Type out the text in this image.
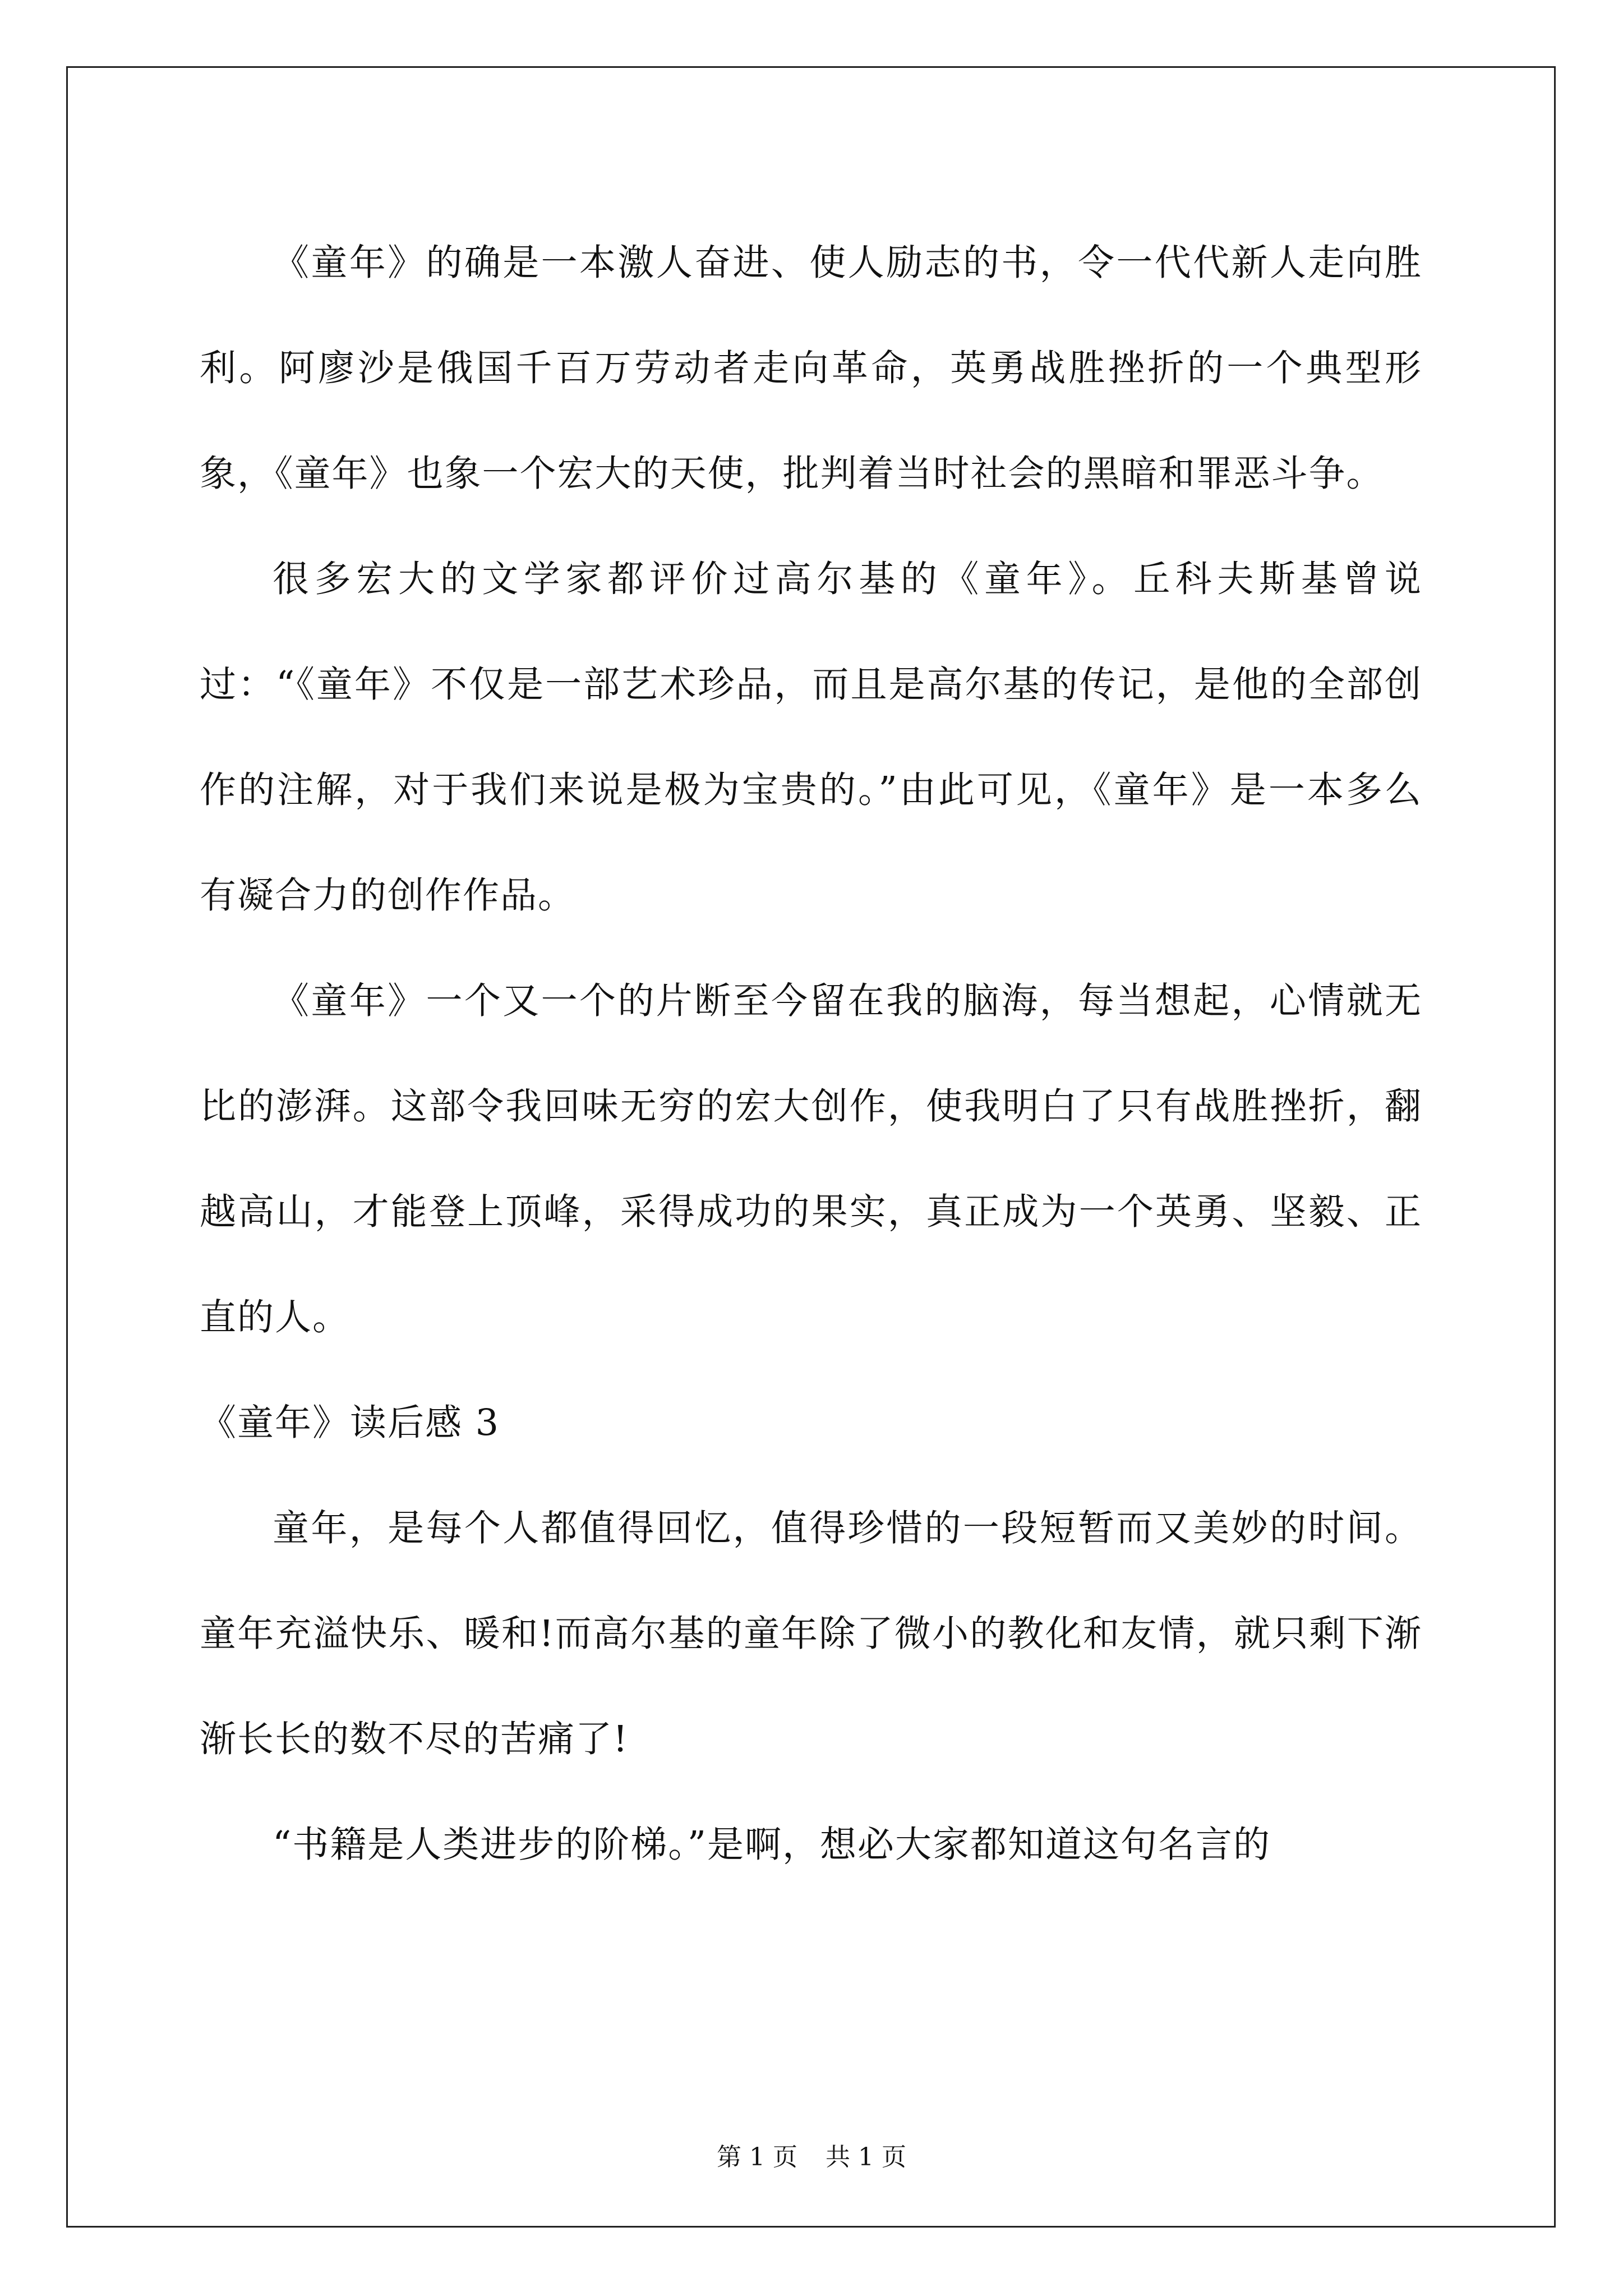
《童年》的确是一本激人奋进、使人励志的书，令一代代新人走向胜利。阿廖沙是俄国千百万劳动者走向革命，英勇战胜挫折的一个典型形象，《童年》也象一个宏大的天使，批判着当时社会的黑暗和罪恶斗争。

很多宏大的文学家都评价过高尔基的《童年》。丘科夫斯基曾说过：“《童年》不仅是一部艺术珍品，而且是高尔基的传记，是他的全部创作的注解，对于我们来说是极为宝贵的。”由此可见，《童年》是一本多么有凝合力的创作作品。

《童年》一个又一个的片断至今留在我的脑海，每当想起，心情就无比的澎湃。这部令我回味无穷的宏大创作，使我明白了只有战胜挫折，翻越高山，才能登上顶峰，采得成功的果实，真正成为一个英勇、坚毅、正直的人。

《童年》读后感 3

童年，是每个人都值得回忆，值得珍惜的一段短暂而又美妙的时间。童年充溢快乐、暖和!而高尔基的童年除了微小的教化和友情，就只剩下渐渐长长的数不尽的苦痛了!

“书籍是人类进步的阶梯。”是啊，想必大家都知道这句名言的

第 1 页 共 1 页
